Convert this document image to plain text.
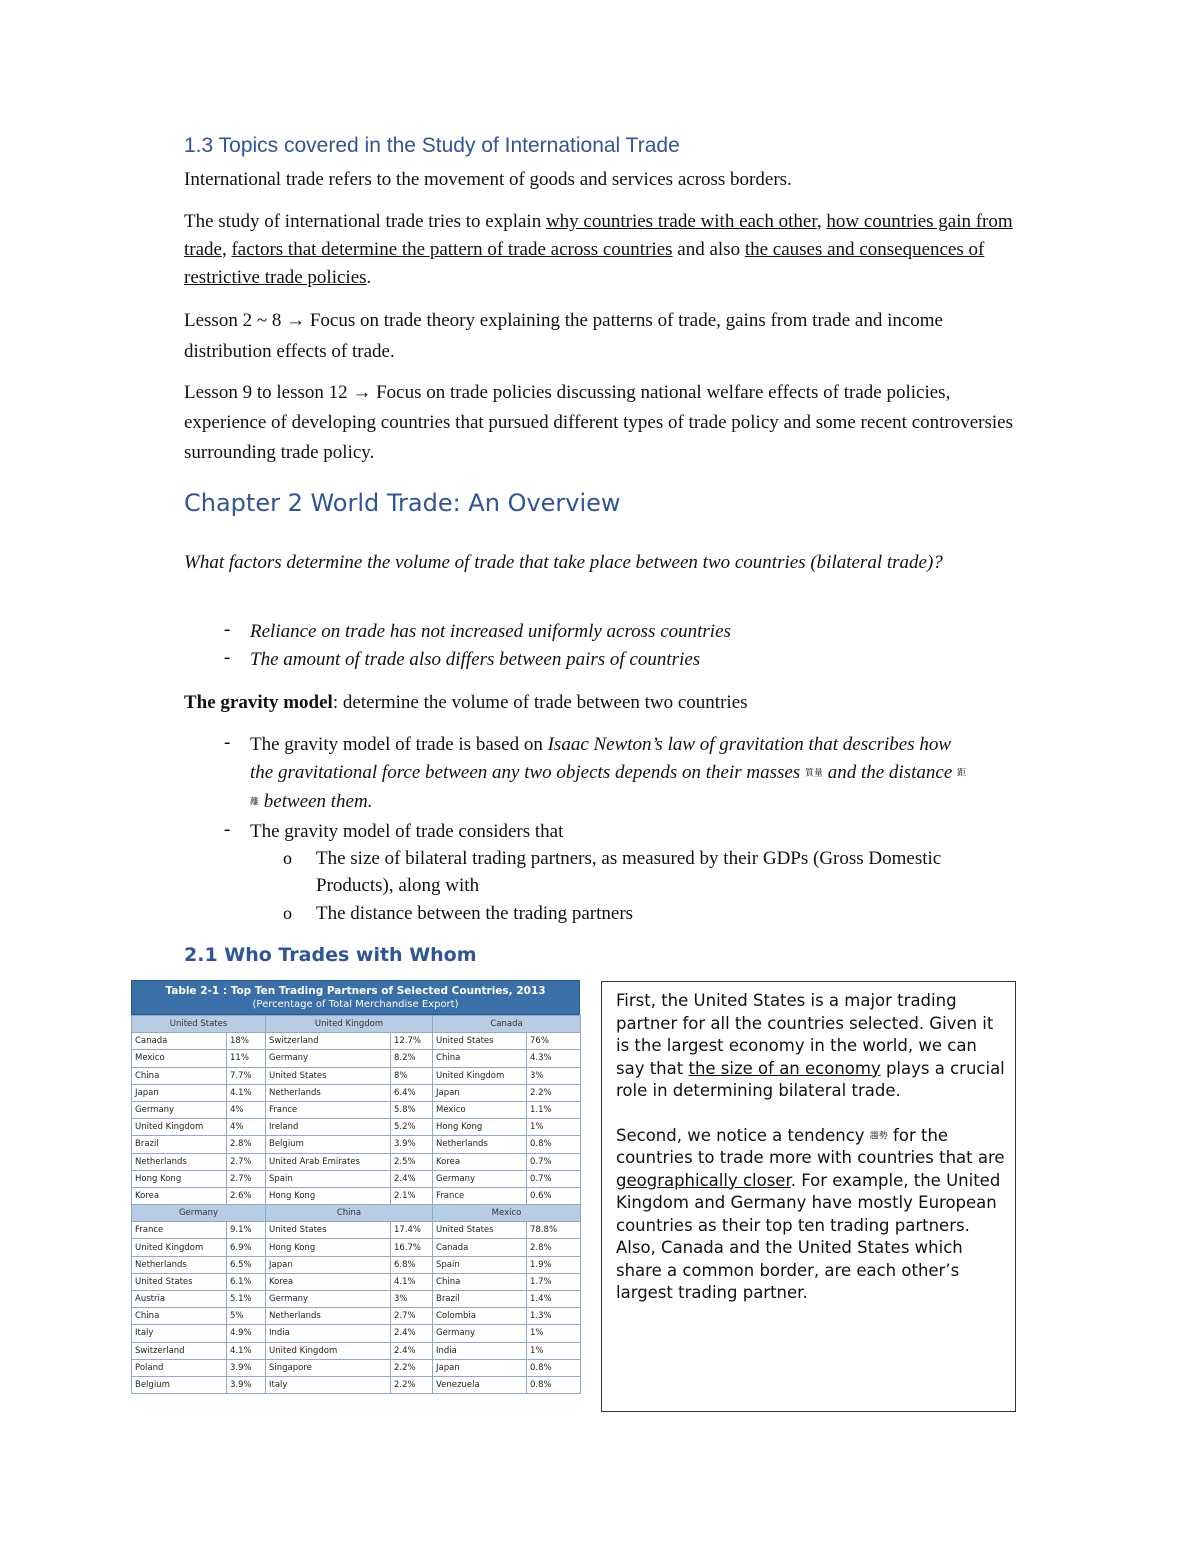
1.3 Topics covered in the Study of International Trade
International trade refers to the movement of goods and services across borders.
The study of international trade tries to explain why countries trade with each other, how countries gain from trade, factors that determine the pattern of trade across countries and also the causes and consequences of restrictive trade policies.
Lesson 2 ~ 8 → Focus on trade theory explaining the patterns of trade, gains from trade and income distribution effects of trade.
Lesson 9 to lesson 12 → Focus on trade policies discussing national welfare effects of trade policies, experience of developing countries that pursued different types of trade policy and some recent controversies surrounding trade policy.
Chapter 2 World Trade: An Overview
What factors determine the volume of trade that take place between two countries (bilateral trade)?
- Reliance on trade has not increased uniformly across countries
- The amount of trade also differs between pairs of countries
The gravity model: determine the volume of trade between two countries
- The gravity model of trade is based on Isaac Newton’s law of gravitation that describes how the gravitational force between any two objects depends on their masses 質量 and the distance 距離 between them.
- The gravity model of trade considers that
o The size of bilateral trading partners, as measured by their GDPs (Gross Domestic Products), along with
o The distance between the trading partners
2.1 Who Trades with Whom
Table 2-1 : Top Ten Trading Partners of Selected Countries, 2013
(Percentage of Total Merchandise Export)
United States		United Kingdom		Canada	
Canada	18%	Switzerland	12.7%	United States	76%
Mexico	11%	Germany	8.2%	China	4.3%
China	7.7%	United States	8%	United Kingdom	3%
Japan	4.1%	Netherlands	6.4%	Japan	2.2%
Germany	4%	France	5.8%	Mexico	1.1%
United Kingdom	4%	Ireland	5.2%	Hong Kong	1%
Brazil	2.8%	Belgium	3.9%	Netherlands	0.8%
Netherlands	2.7%	United Arab Emirates	2.5%	Korea	0.7%
Hong Kong	2.7%	Spain	2.4%	Germany	0.7%
Korea	2.6%	Hong Kong	2.1%	France	0.6%
Germany		China		Mexico	
France	9.1%	United States	17.4%	United States	78.8%
United Kingdom	6.9%	Hong Kong	16.7%	Canada	2.8%
Netherlands	6.5%	Japan	6.8%	Spain	1.9%
United States	6.1%	Korea	4.1%	China	1.7%
Austria	5.1%	Germany	3%	Brazil	1.4%
China	5%	Netherlands	2.7%	Colombia	1.3%
Italy	4.9%	India	2.4%	Germany	1%
Switzerland	4.1%	United Kingdom	2.4%	India	1%
Poland	3.9%	Singapore	2.2%	Japan	0.8%
Belgium	3.9%	Italy	2.2%	Venezuela	0.8%

First, the United States is a major trading partner for all the countries selected. Given it is the largest economy in the world, we can say that the size of an economy plays a crucial role in determining bilateral trade.

Second, we notice a tendency 趨勢 for the countries to trade more with countries that are geographically closer. For example, the United Kingdom and Germany have mostly European countries as their top ten trading partners. Also, Canada and the United States which share a common border, are each other’s largest trading partner.
